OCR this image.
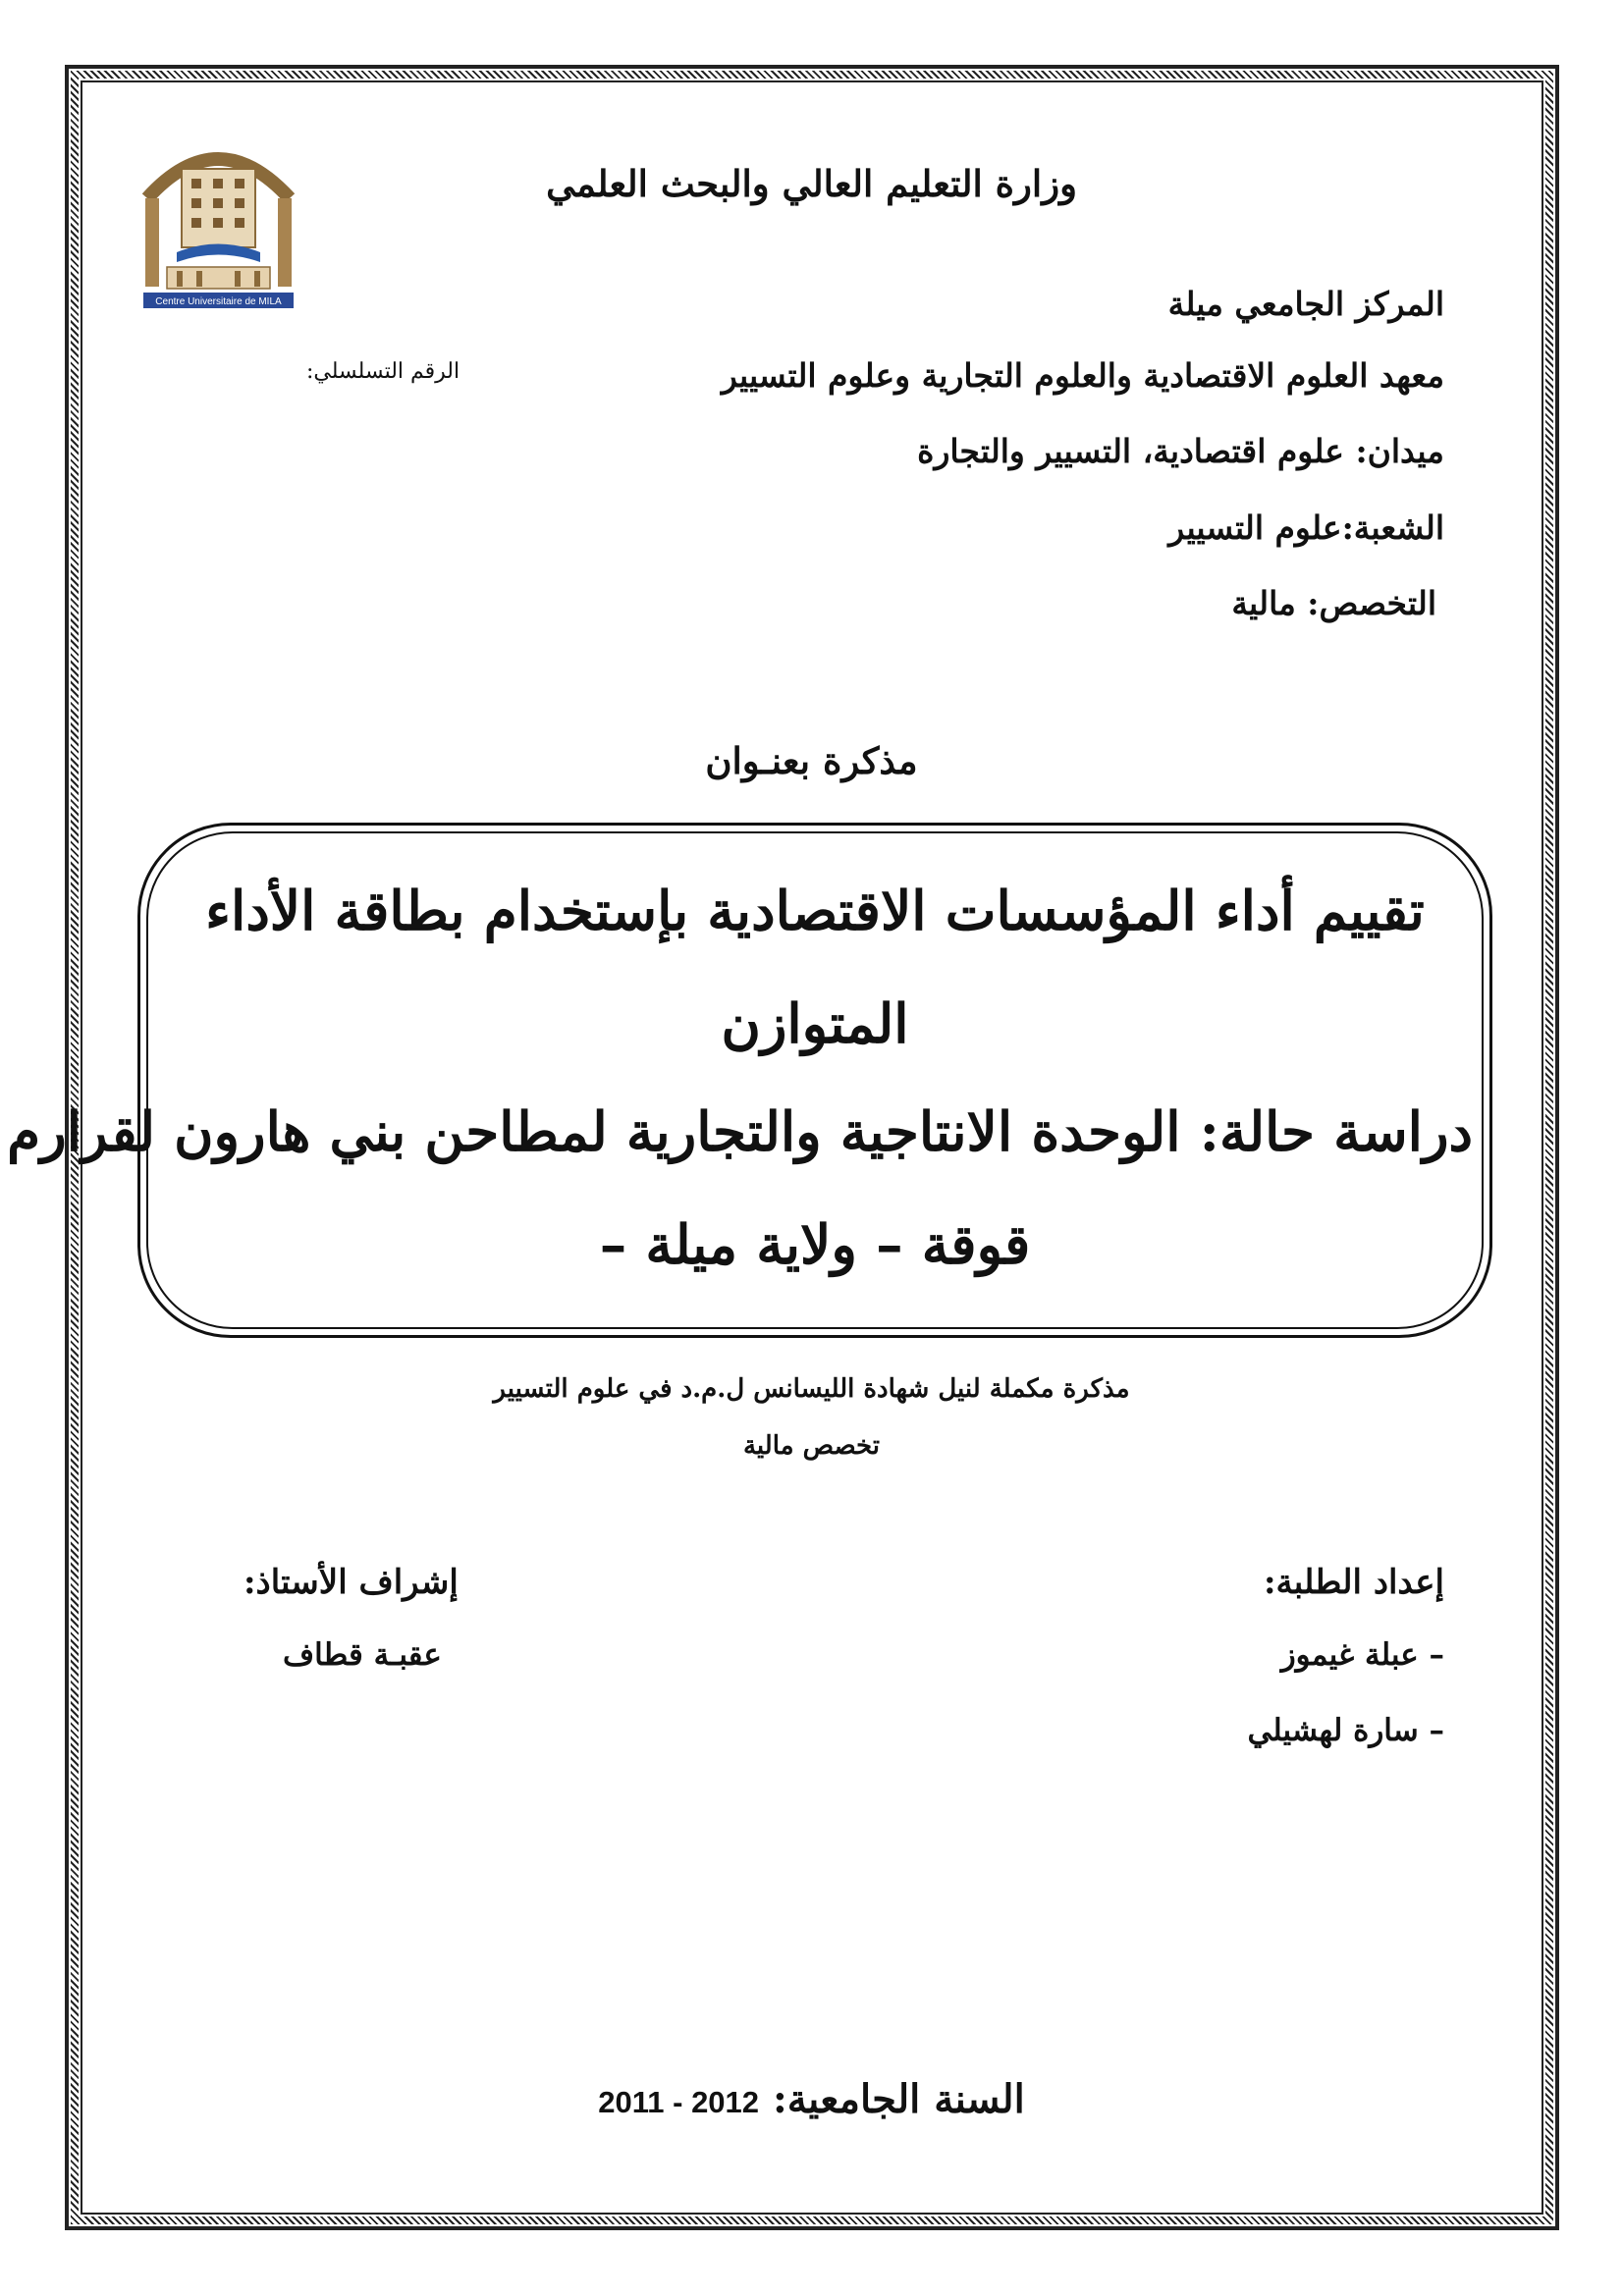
Centre Universitaire de MILA
وزارة التعليم العالي والبحث العلمي
المركز الجامعي ميلة
معهد العلوم الاقتصادية والعلوم التجارية وعلوم التسيير
ميدان: علوم اقتصادية، التسيير والتجارة
الشعبة:علوم التسيير
التخصص: مالية
الرقم التسلسلي:
مذكرة بعنـوان
تقييم أداء المؤسسات الاقتصادية بإستخدام بطاقة الأداء
المتوازن
دراسة حالة: الوحدة الانتاجية والتجارية لمطاحن بني هارون لقرارم
قوقة – ولاية ميلة –
مذكرة مكملة لنيل شهادة الليسانس ل.م.د في علوم التسيير
تخصص مالية
إعداد الطلبة:
– عبلة غيموز
– سارة لهشيلي
إشراف الأستاذ:
عقبـة قطاف
السنة الجامعية: 2011 - 2012
